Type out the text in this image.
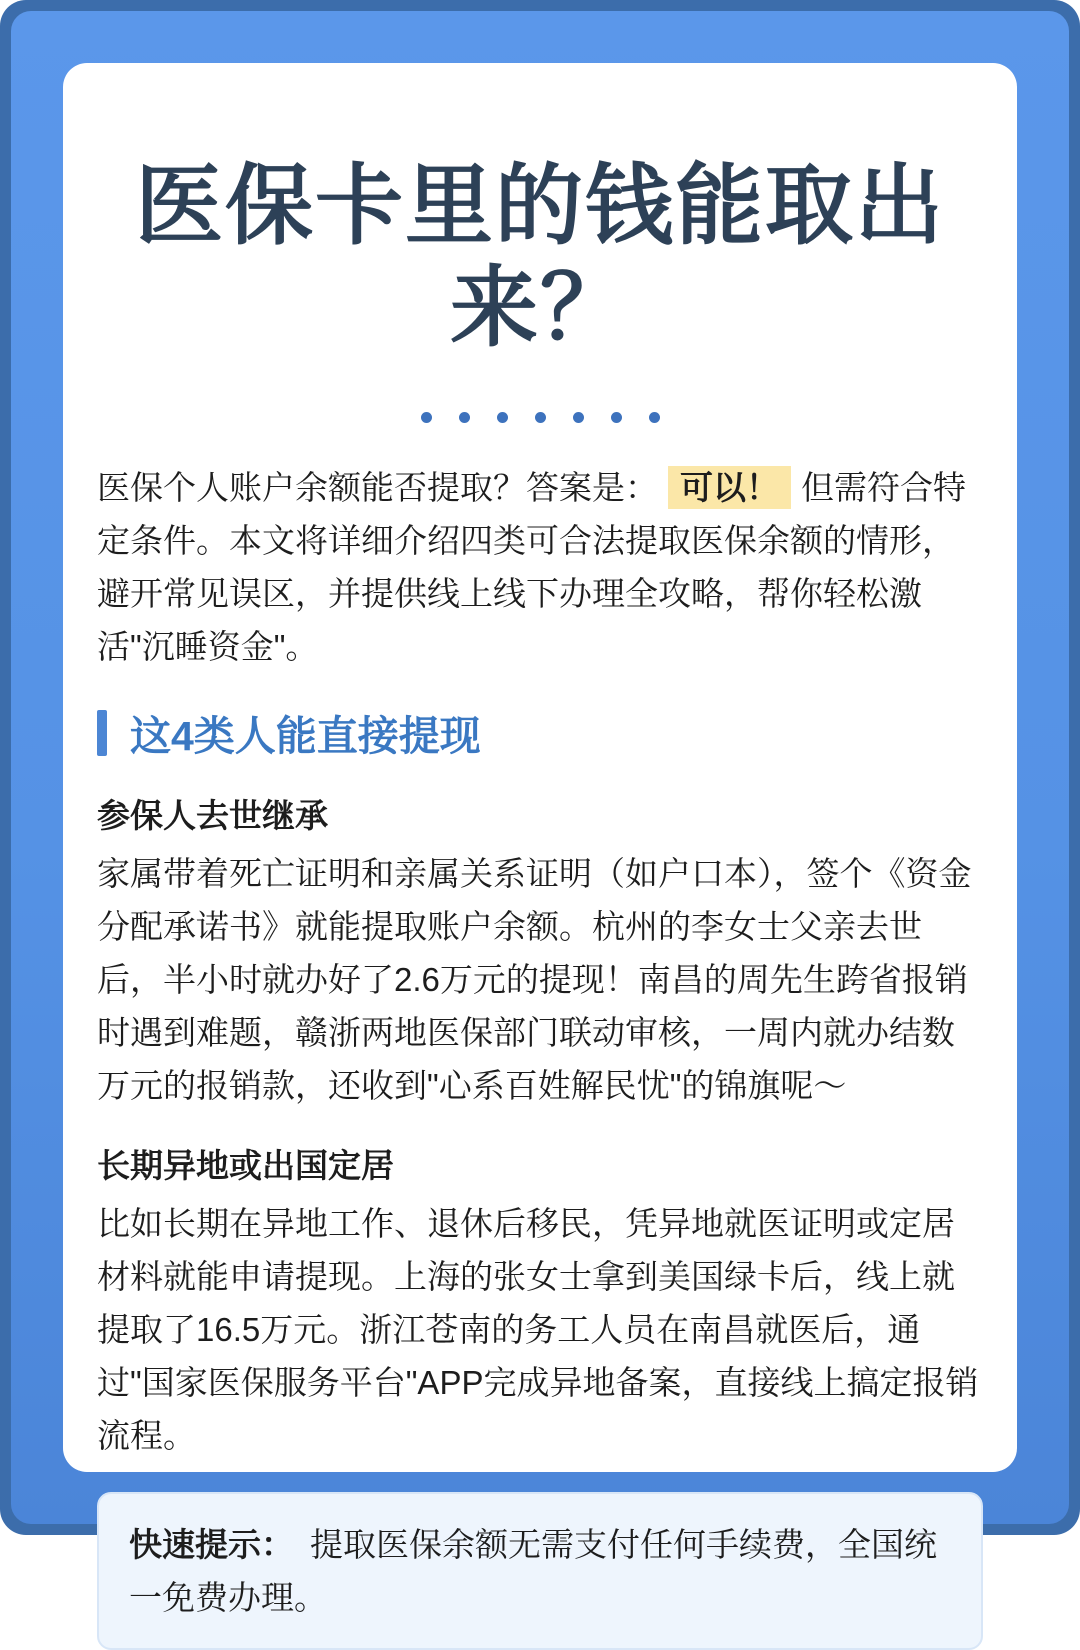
医保卡里的钱能取出来？

医保个人账户余额能否提取？答案是： 可以！ 但需符合特定条件。本文将详细介绍四类可合法提取医保余额的情形，避开常见误区，并提供线上线下办理全攻略，帮你轻松激活"沉睡资金"。

这4类人能直接提现
参保人去世继承

家属带着死亡证明和亲属关系证明（如户口本），签个《资金分配承诺书》就能提取账户余额。杭州的李女士父亲去世后，半小时就办好了2.6万元的提现！南昌的周先生跨省报销时遇到难题，赣浙两地医保部门联动审核，一周内就办结数万元的报销款，还收到"心系百姓解民忧"的锦旗呢～

长期异地或出国定居

比如长期在异地工作、退休后移民，凭异地就医证明或定居材料就能申请提现。上海的张女士拿到美国绿卡后，线上就提取了16.5万元。浙江苍南的务工人员在南昌就医后，通过"国家医保服务平台"APP完成异地备案，直接线上搞定报销流程。

快速提示： 提取医保余额无需支付任何手续费，全国统一免费办理。
